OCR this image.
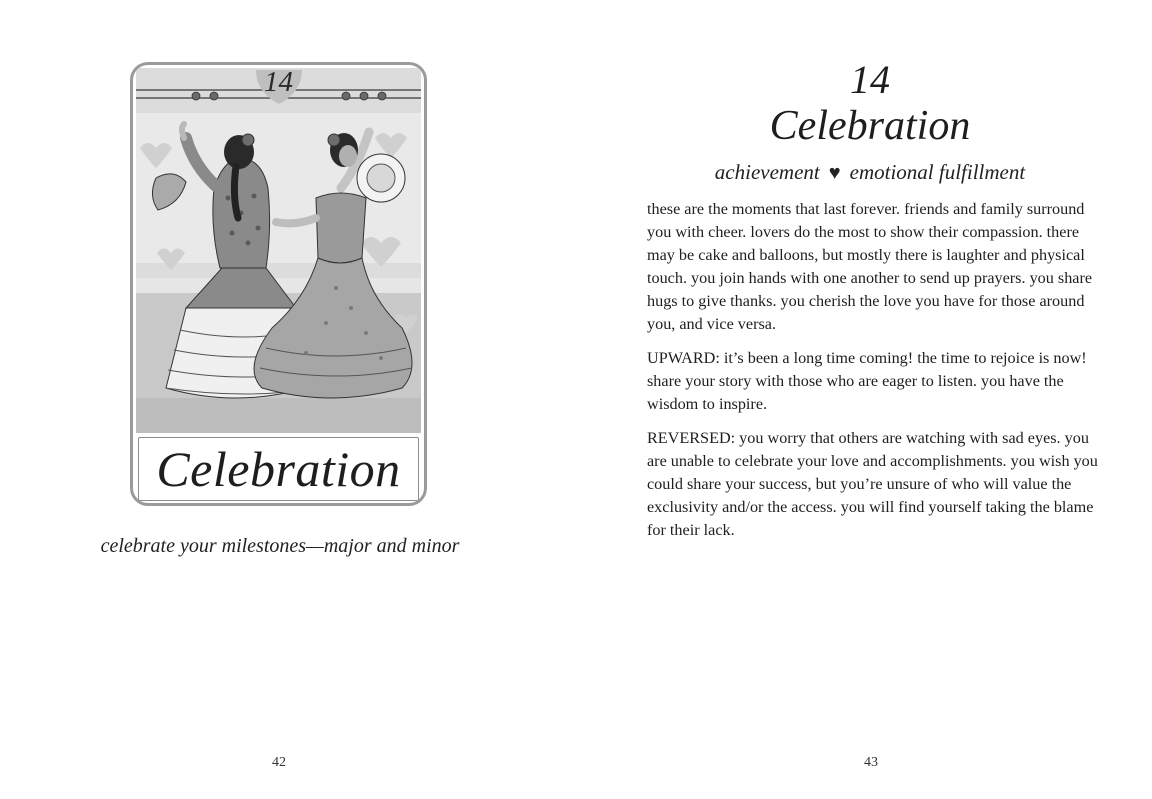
14
Celebration
celebrate your milestones—major and minor
42
14
Celebration
achievement ♥ emotional fulfillment

these are the moments that last forever. friends and family surround you with cheer. lovers do the most to show their compassion. there may be cake and balloons, but mostly there is laughter and physical touch. you join hands with one another to send up prayers. you share hugs to give thanks. you cherish the love you have for those around you, and vice versa.

UPWARD: it’s been a long time coming! the time to rejoice is now! share your story with those who are eager to listen. you have the wisdom to inspire.

REVERSED: you worry that others are watching with sad eyes. you are unable to celebrate your love and accomplishments. you wish you could share your success, but you’re unsure of who will value the exclusivity and/or the access. you will find yourself taking the blame for their lack.

43
